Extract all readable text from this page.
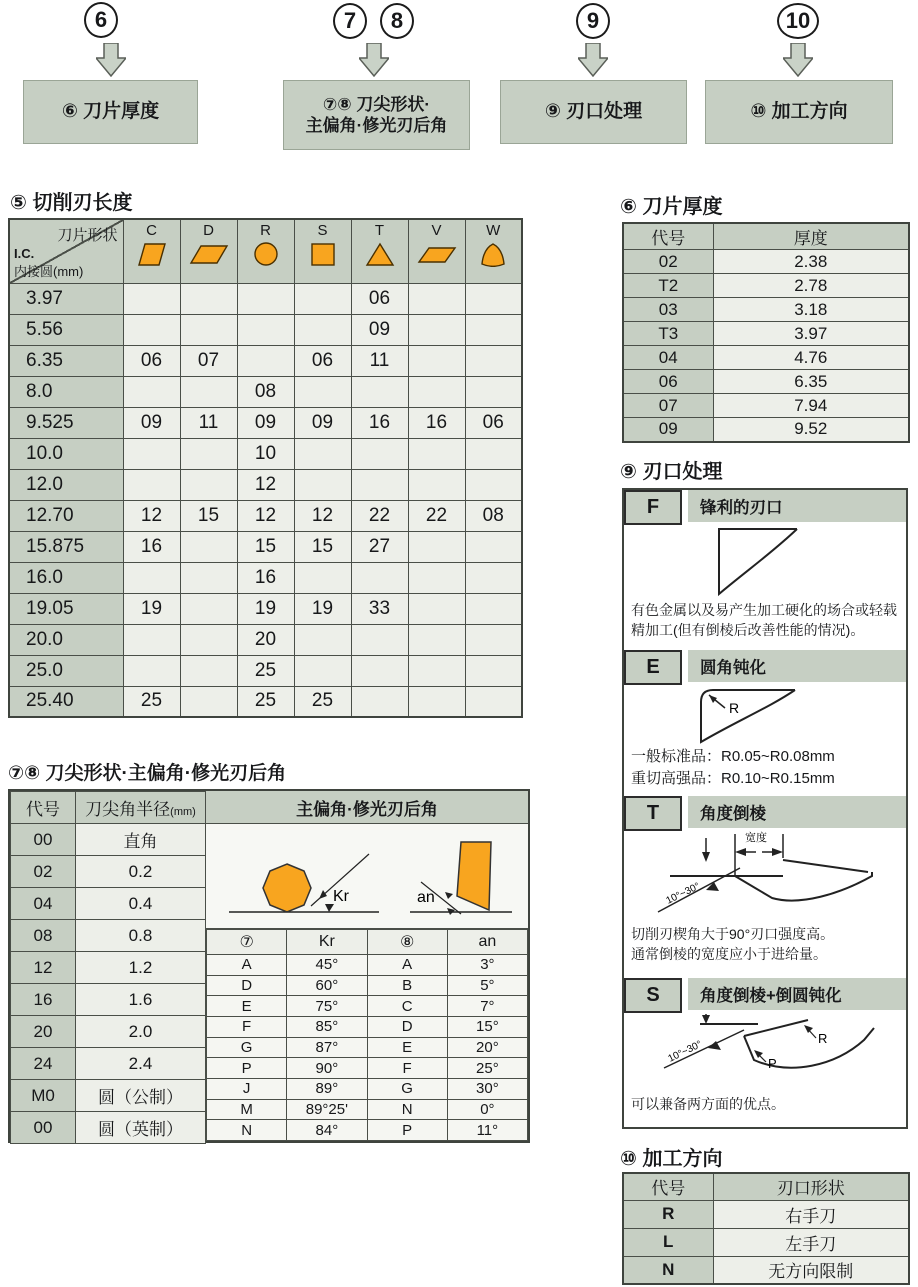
6	7	8	9	10
⑥ 刀片厚度	⑦⑧ 刀尖形状·
主偏角·修光刃后角
⑨ 刃口处理	⑩ 加工方向
⑤ 切削刃长度
刀片形状
I.C.
内接圆(mm)	C	D	R	S	T	V	W

3.97					06		
5.56					09		
6.35	06	07		06	11		
8.0			08				
9.525	09	11	09	09	16	16	06
10.0			10				
12.0			12				
12.70	12	15	12	12	22	22	08
15.875	16		15	15	27		
16.0			16				
19.05	19		19	19	33		
20.0			20				
25.0			25				
25.40	25		25	25			
⑥ 刀片厚度
代号	厚度
02	2.38
T2	2.78
03	3.18
T3	3.97
04	4.76
06	6.35
07	7.94
09	9.52
⑨ 刃口处理
F	锋利的刃口
有色金属以及易产生加工硬化的场合或轻载精加工(但有倒棱后改善性能的情况)。
E	圆角钝化
R
一般标准品：R0.05~R0.08mm
重切高强品：R0.10~R0.15mm
T	角度倒棱
宽度
10°~30°
切削刃楔角大于90°刃口强度高。
通常倒棱的宽度应小于进给量。
S	角度倒棱+倒圆钝化
P
R
10°~30°
可以兼备两方面的优点。
⑦⑧ 刀尖形状·主偏角·修光刃后角
代号	刀尖角半径(mm)
00	直角
02	0.2
04	0.4
08	0.8
12	1.2
16	1.6
20	2.0
24	2.4
M0	圆（公制）
00	圆（英制）
主偏角·修光刃后角
Kr	an
⑦	Kr	⑧	an
A	45°	A	3°
D	60°	B	5°
E	75°	C	7°
F	85°	D	15°
G	87°	E	20°
P	90°	F	25°
J	89°	G	30°
M	89°25'	N	0°
N	84°	P	11°
⑩ 加工方向
代号	刃口形状
R	右手刀
L	左手刀
N	无方向限制
